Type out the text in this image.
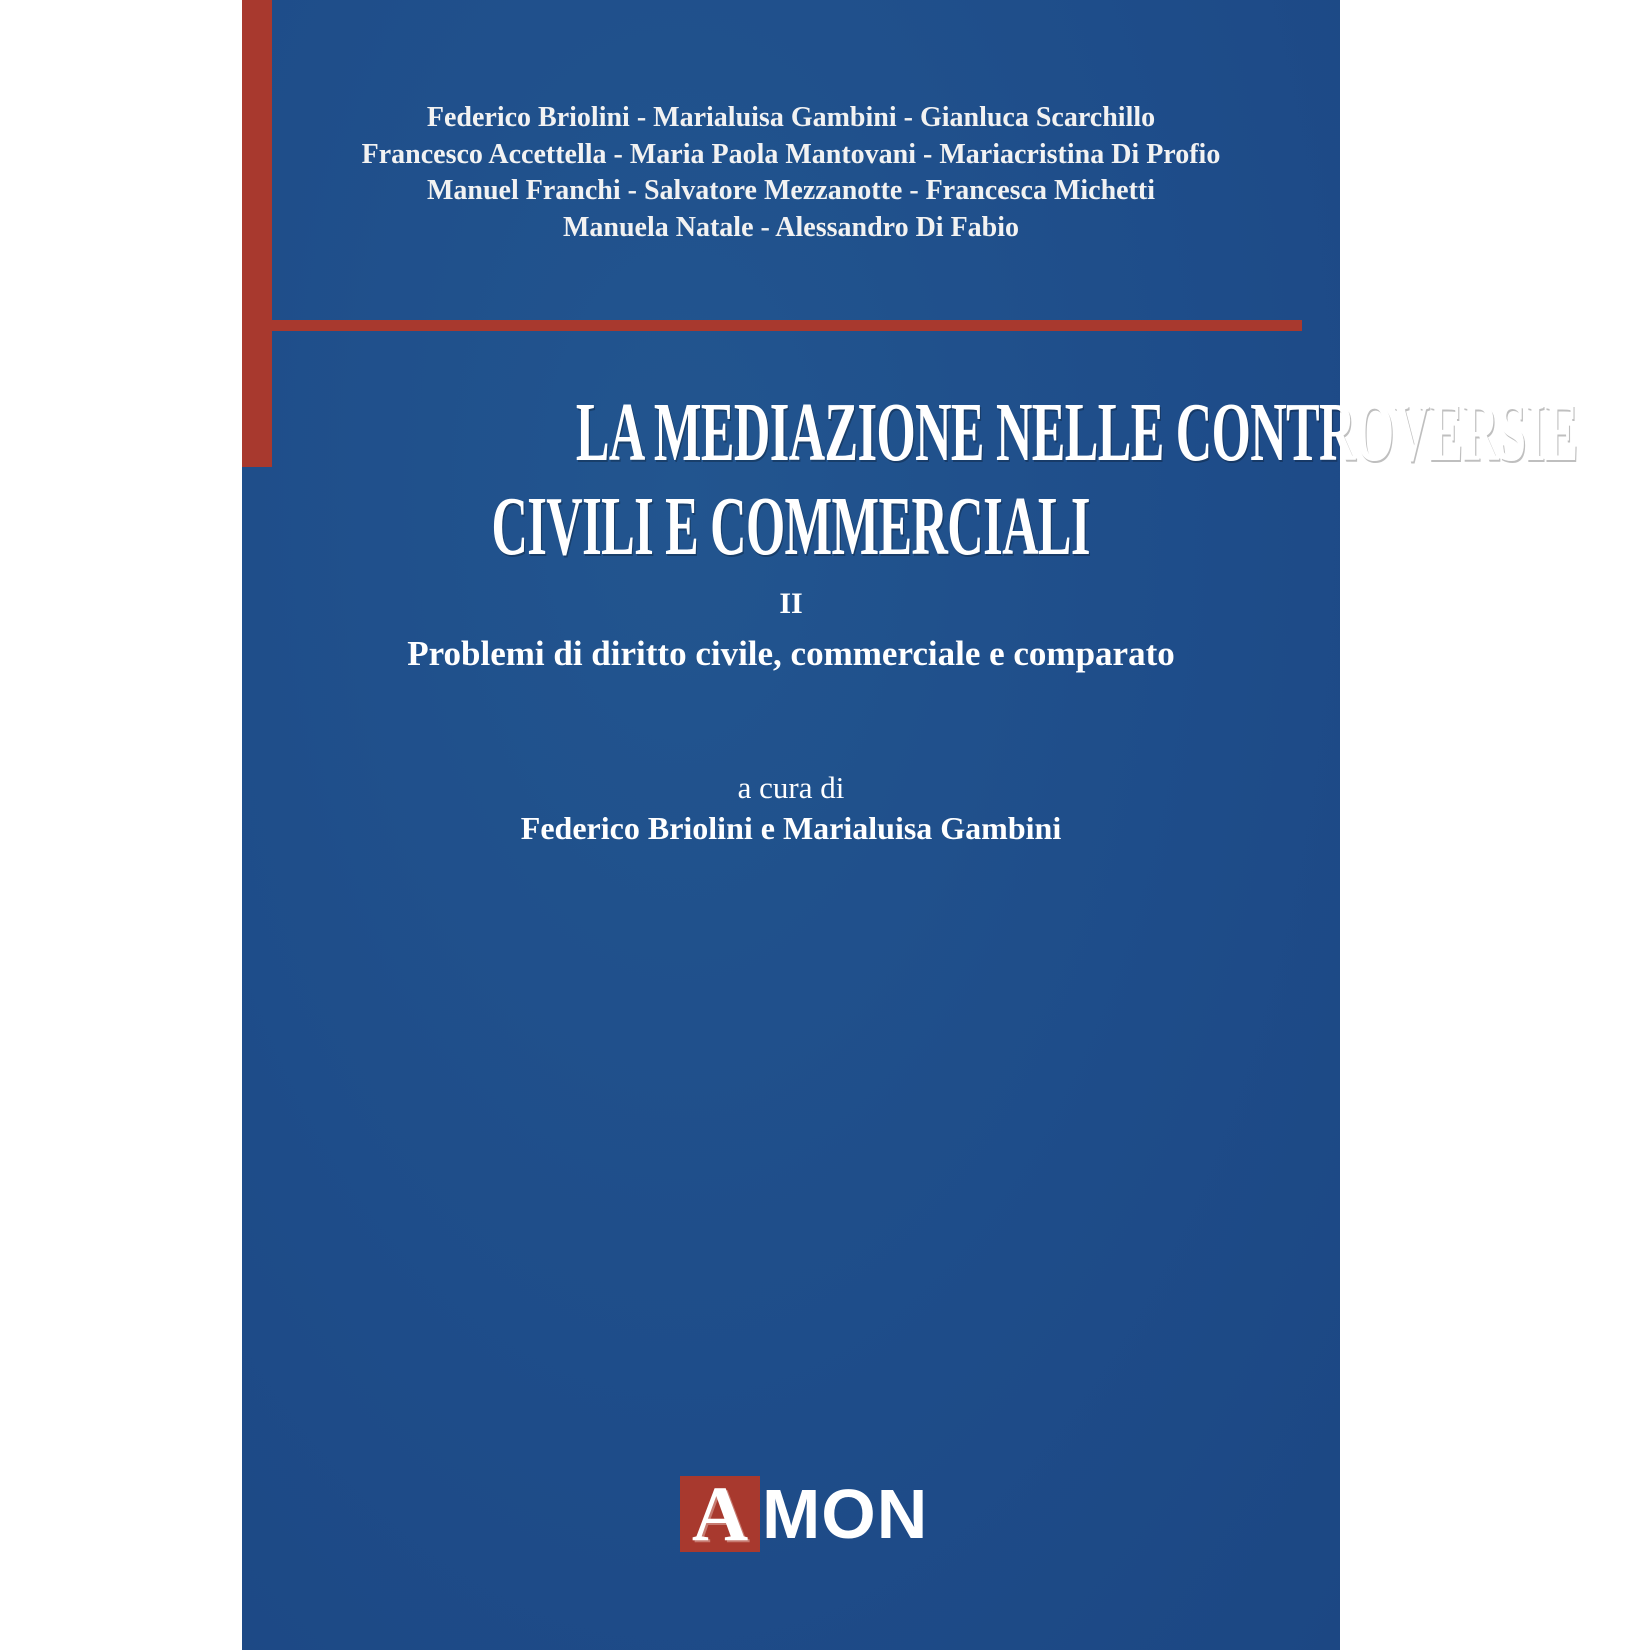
Federico Briolini - Marialuisa Gambini - Gianluca Scarchillo
Francesco Accettella - Maria Paola Mantovani - Mariacristina Di Profio
Manuel Franchi - Salvatore Mezzanotte - Francesca Michetti
Manuela Natale - Alessandro Di Fabio
LA MEDIAZIONE NELLE CONTROVERSIE
CIVILI E COMMERCIALI
II
Problemi di diritto civile, commerciale e comparato
a cura di
Federico Briolini e Marialuisa Gambini
A MON
